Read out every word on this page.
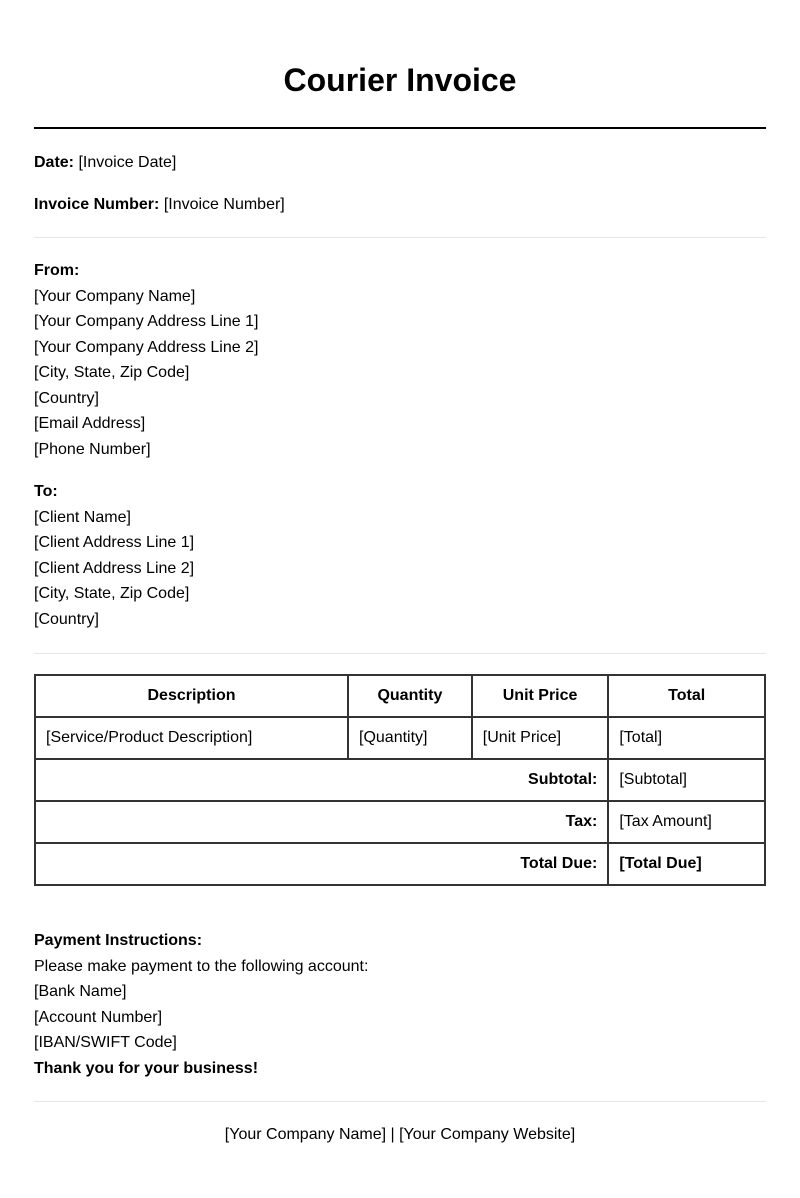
Courier Invoice
Date: [Invoice Date]
Invoice Number: [Invoice Number]
From:
[Your Company Name]
[Your Company Address Line 1]
[Your Company Address Line 2]
[City, State, Zip Code]
[Country]
[Email Address]
[Phone Number]
To:
[Client Name]
[Client Address Line 1]
[Client Address Line 2]
[City, State, Zip Code]
[Country]
Description	Quantity	Unit Price	Total
[Service/Product Description]	[Quantity]	[Unit Price]	[Total]
Subtotal:			[Subtotal]
Tax:			[Tax Amount]
Total Due:			[Total Due]
Payment Instructions:
Please make payment to the following account:
[Bank Name]
[Account Number]
[IBAN/SWIFT Code]
Thank you for your business!
[Your Company Name] | [Your Company Website]
